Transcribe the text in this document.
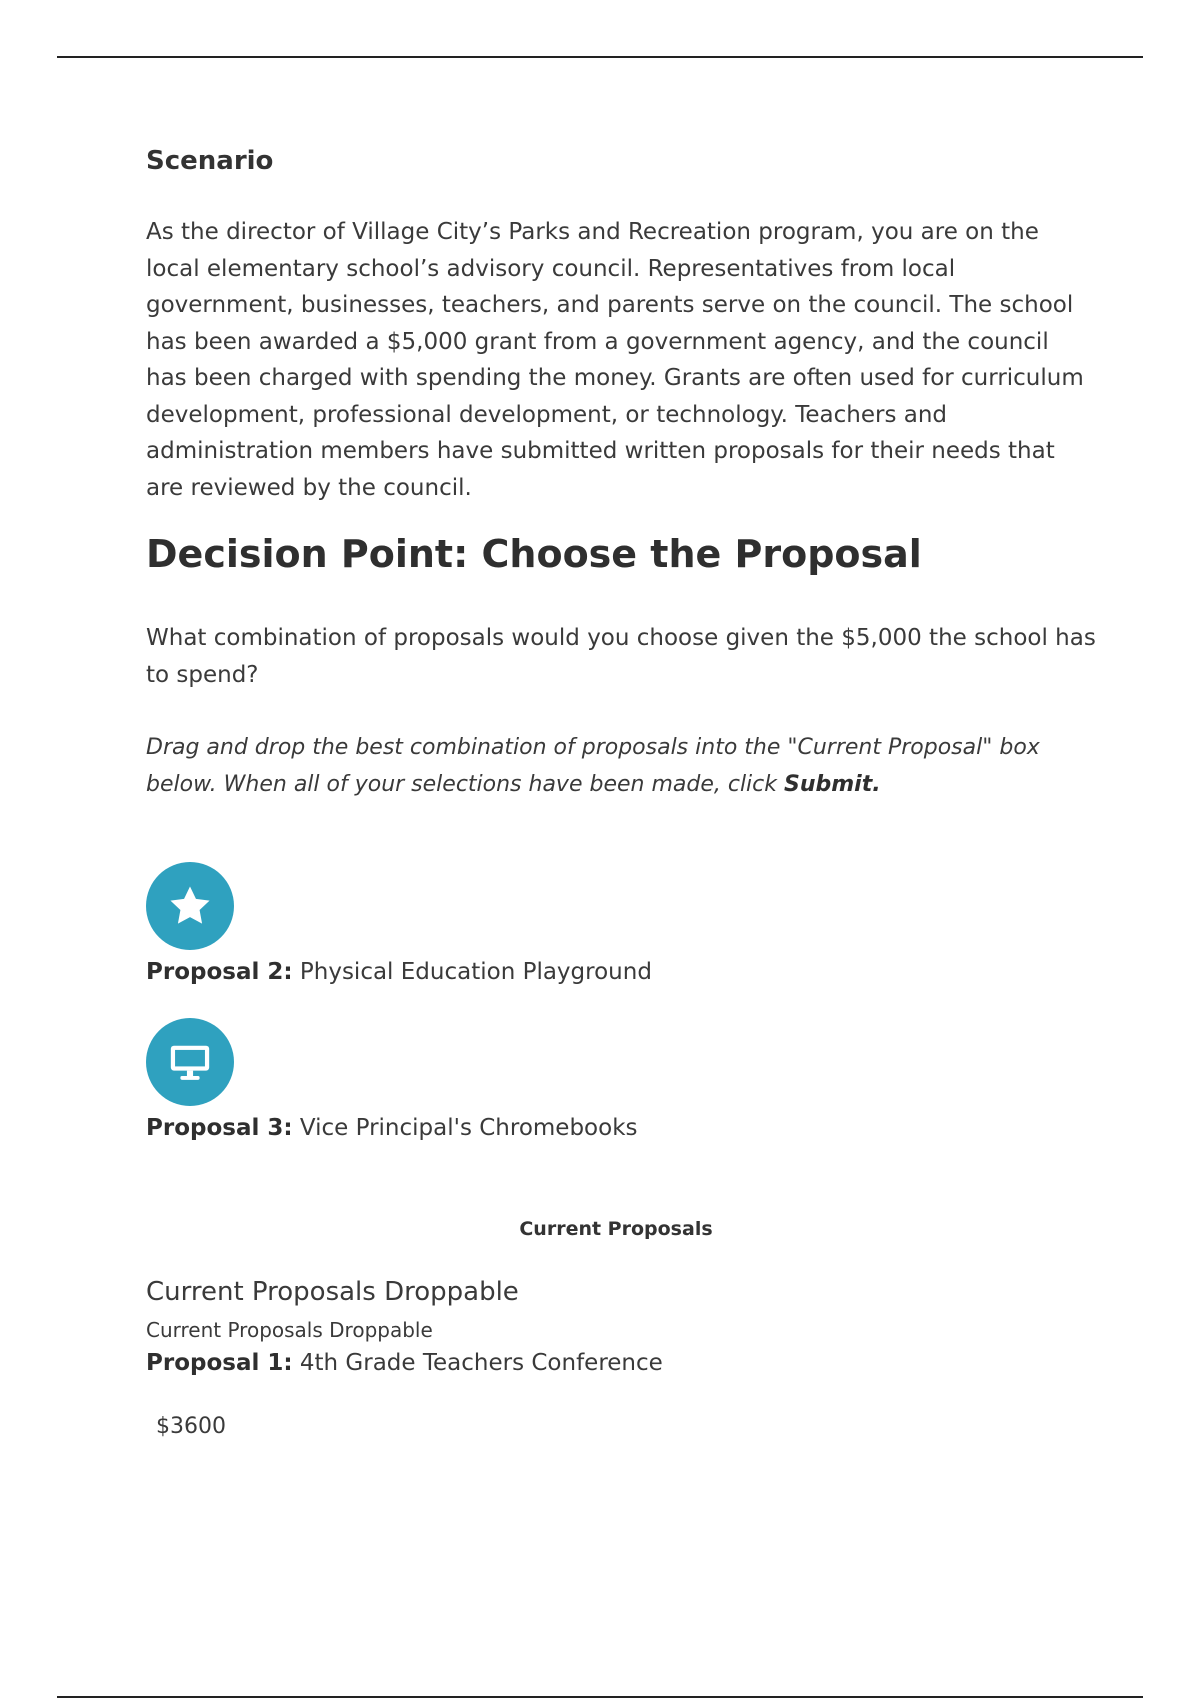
Scenario

As the director of Village City’s Parks and Recreation program, you are on the local elementary school’s advisory council. Representatives from local government, businesses, teachers, and parents serve on the council. The school has been awarded a $5,000 grant from a government agency, and the council has been charged with spending the money. Grants are often used for curriculum development, professional development, or technology. Teachers and administration members have submitted written proposals for their needs that are reviewed by the council.

Decision Point: Choose the Proposal

What combination of proposals would you choose given the $5,000 the school has to spend?

Drag and drop the best combination of proposals into the "Current Proposal" box below. When all of your selections have been made, click Submit.

Proposal 2: Physical Education Playground
Proposal 3: Vice Principal's Chromebooks
Current Proposals
Current Proposals Droppable
Current Proposals Droppable
Proposal 1: 4th Grade Teachers Conference
$3600
